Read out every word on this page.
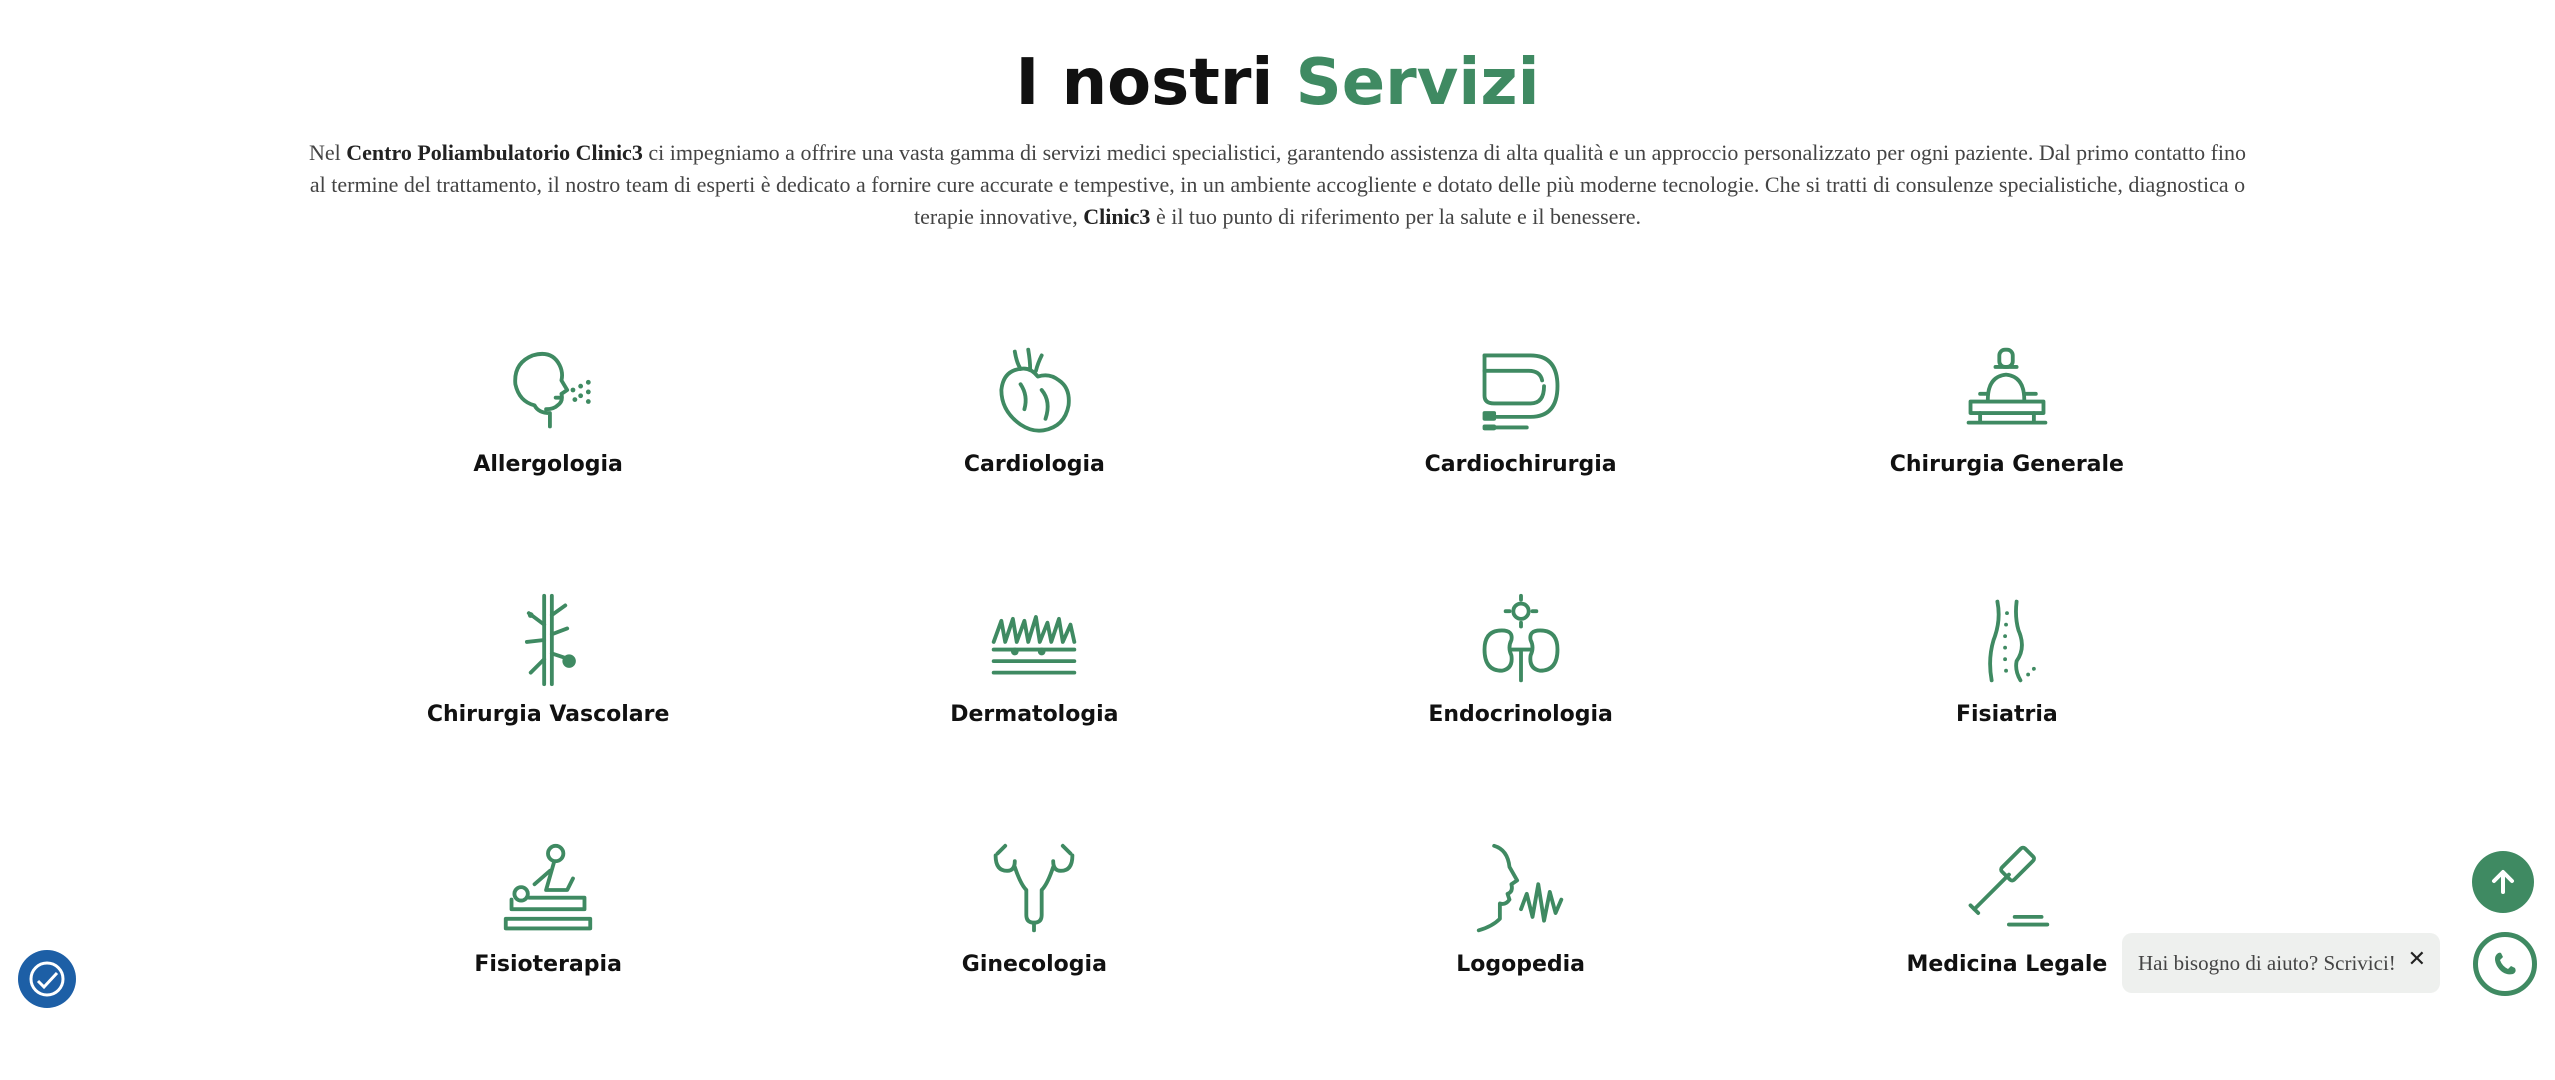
I nostri Servizi

Nel Centro Poliambulatorio Clinic3 ci impegniamo a offrire una vasta gamma di servizi medici specialistici, garantendo assistenza di alta qualità e un approccio personalizzato per ogni paziente. Dal primo contatto fino al termine del trattamento, il nostro team di esperti è dedicato a fornire cure accurate e tempestive, in un ambiente accogliente e dotato delle più moderne tecnologie. Che si tratti di consulenze specialistiche, diagnostica o terapie innovative, Clinic3 è il tuo punto di riferimento per la salute e il benessere.

Allergologia	Cardiologia	Cardiochirurgia	Chirurgia Generale
Chirurgia Vascolare	Dermatologia	Endocrinologia	Fisiatria
Fisioterapia	Ginecologia	Logopedia	Medicina Legale	Hai bisogno di aiuto? Scrivici! ✕
